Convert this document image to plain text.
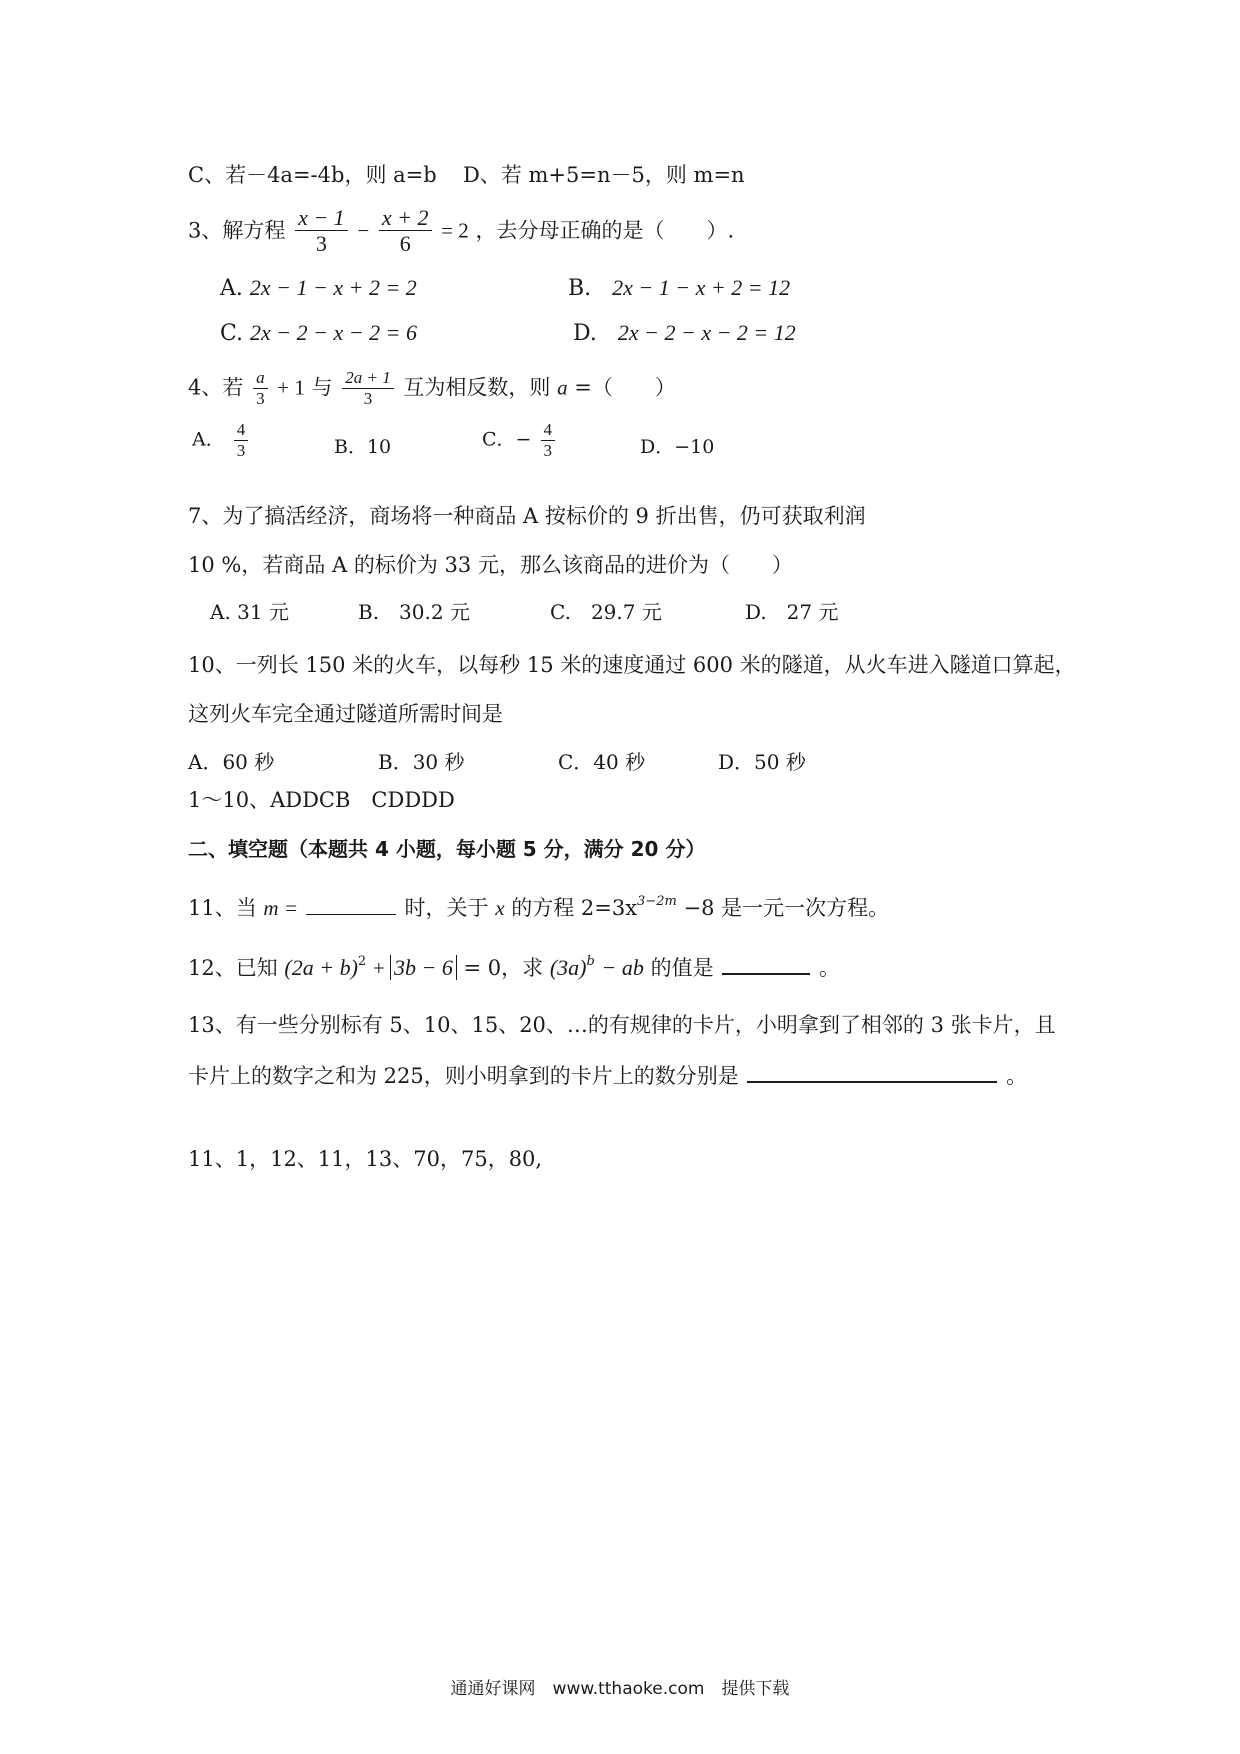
C、若－4a=-4b，则 a=b D、若 m+5=n－5，则 m=n
3、解方程 $\frac{x - 1}{3} - \frac{x + 2}{6} = 2$ ，去分母正确的是（　　）.
A. 2x − 1 − x + 2 = 2	B. 2x − 1 − x + 2 = 12
C. 2x − 2 − x − 2 = 6	D. 2x − 2 − x − 2 = 12
4、若 $\frac{a}{3} + 1$ 与 $\frac{2a + 1}{3}$ 互为相反数，则 a =（　　）
A． $\frac{4}{3}$	B．10	C．− $\frac{4}{3}$	D．−10
7、为了搞活经济，商场将一种商品 A 按标价的 9 折出售，仍可获取利润
10 %，若商品 A 的标价为 33 元，那么该商品的进价为（　　）
A. 31 元	B.　30.2 元	C.　29.7 元	D.　27 元
10、一列长 150 米的火车，以每秒 15 米的速度通过 600 米的隧道，从火车进入隧道口算起，
这列火车完全通过隧道所需时间是
A．60 秒	B．30 秒	C．40 秒	D．50 秒
1～10、ADDCB　CDDDD
二、填空题（本题共 4 小题，每小题 5 分，满分 20 分）
11、当 m =	时，关于 x 的方程 $2=3x^{3-2m} -8$ 是一元一次方程。
12、已知 $(2a + b)^2 + 3b - 6 = 0$，求 $(3a)^b$ − ab 的值是	。
13、有一些分别标有 5、10、15、20、…的有规律的卡片，小明拿到了相邻的 3 张卡片，且
卡片上的数字之和为 225，则小明拿到的卡片上的数分别是	。
11、1，12、11，13、70，75，80,
通通好课网　www.tthaoke.com　提供下载
